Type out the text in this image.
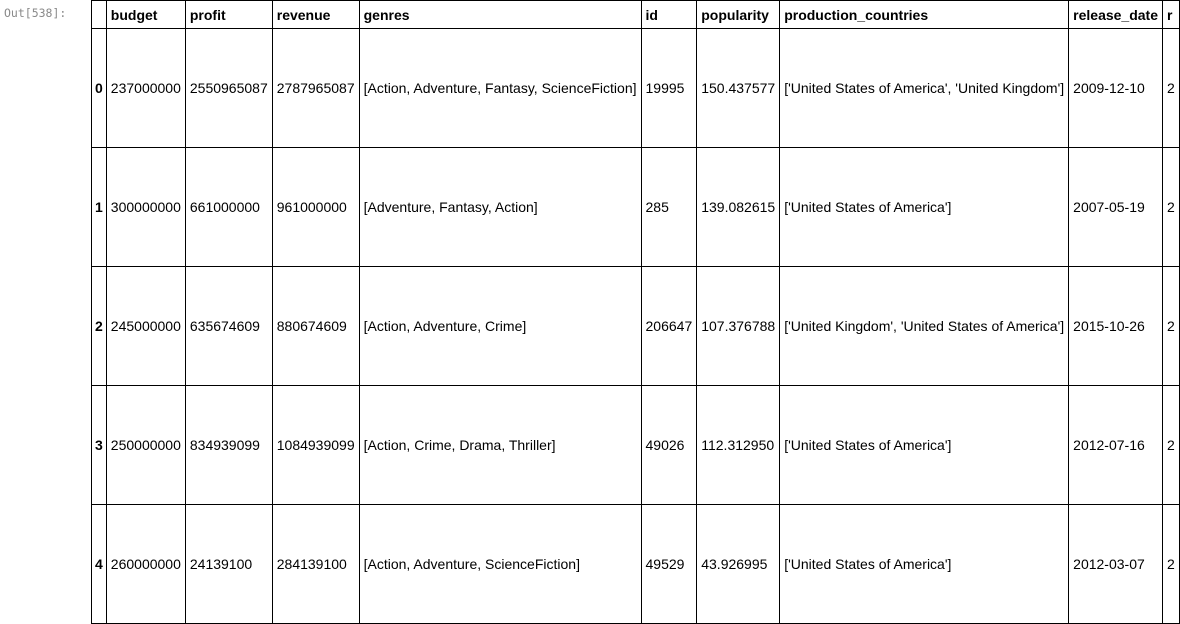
Out[538]:
		budget	profit	revenue	genres	id	popularity	production_countries	release_date	r
0	237000000	2550965087	2787965087	[Action, Adventure, Fantasy, ScienceFiction]	19995	150.437577	['United States of America', 'United Kingdom']	2009-12-10	2
1	300000000	661000000	961000000	[Adventure, Fantasy, Action]	285	139.082615	['United States of America']	2007-05-19	2
2	245000000	635674609	880674609	[Action, Adventure, Crime]	206647	107.376788	['United Kingdom', 'United States of America']	2015-10-26	2
3	250000000	834939099	1084939099	[Action, Crime, Drama, Thriller]	49026	112.312950	['United States of America']	2012-07-16	2
4	260000000	24139100	284139100	[Action, Adventure, ScienceFiction]	49529	43.926995	['United States of America']	2012-03-07	2
